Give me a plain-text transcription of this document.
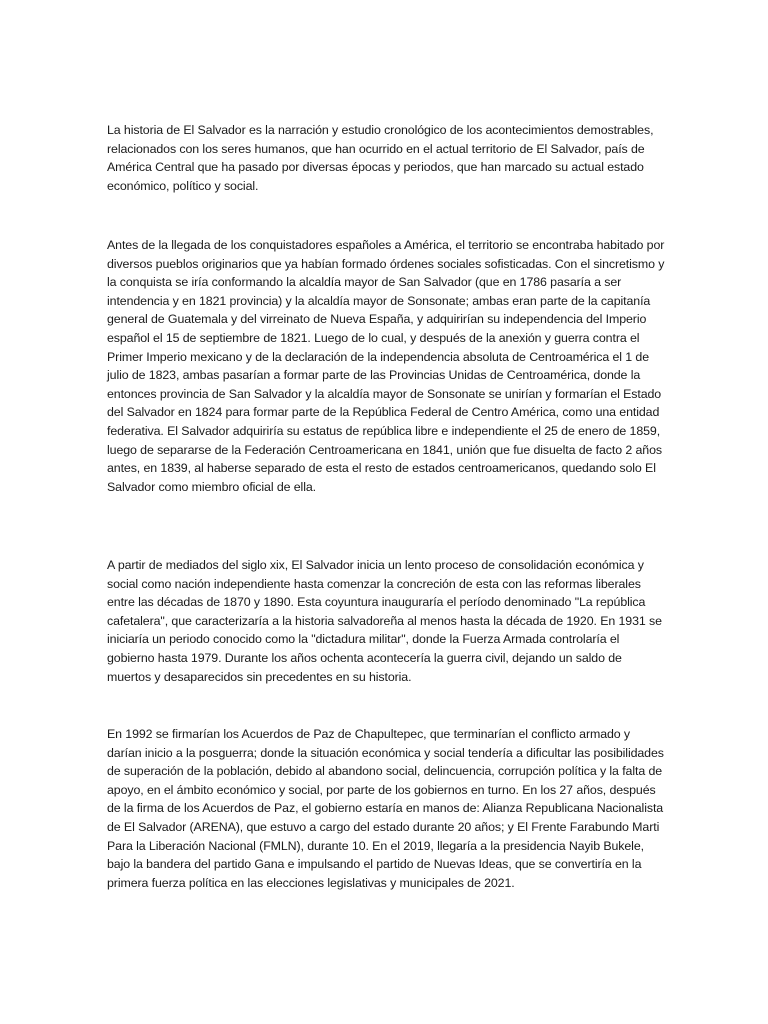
La historia de El Salvador es la narración y estudio cronológico de los acontecimientos demostrables, relacionados con los seres humanos, que han ocurrido en el actual territorio de El Salvador, país de América Central que ha pasado por diversas épocas y periodos, que han marcado su actual estado económico, político y social.

Antes de la llegada de los conquistadores españoles a América, el territorio se encontraba habitado por diversos pueblos originarios que ya habían formado órdenes sociales sofisticadas. Con el sincretismo y la conquista se iría conformando la alcaldía mayor de San Salvador (que en 1786 pasaría a ser intendencia y en 1821 provincia) y la alcaldía mayor de Sonsonate; ambas eran parte de la capitanía general de Guatemala y del virreinato de Nueva España, y adquirirían su independencia del Imperio español el 15 de septiembre de 1821. Luego de lo cual, y después de la anexión y guerra contra el Primer Imperio mexicano y de la declaración de la independencia absoluta de Centroamérica el 1 de julio de 1823, ambas pasarían a formar parte de las Provincias Unidas de Centroamérica, donde la entonces provincia de San Salvador y la alcaldía mayor de Sonsonate se unirían y formarían el Estado del Salvador en 1824 para formar parte de la República Federal de Centro América, como una entidad federativa. El Salvador adquiriría su estatus de república libre e independiente el 25 de enero de 1859, luego de separarse de la Federación Centroamericana en 1841, unión que fue disuelta de facto 2 años antes, en 1839, al haberse separado de esta el resto de estados centroamericanos, quedando solo El Salvador como miembro oficial de ella.

A partir de mediados del siglo xix, El Salvador inicia un lento proceso de consolidación económica y social como nación independiente hasta comenzar la concreción de esta con las reformas liberales entre las décadas de 1870 y 1890. Esta coyuntura inauguraría el período denominado "La república cafetalera", que caracterizaría a la historia salvadoreña al menos hasta la década de 1920. En 1931 se iniciaría un periodo conocido como la "dictadura militar", donde la Fuerza Armada controlaría el gobierno hasta 1979. Durante los años ochenta acontecería la guerra civil, dejando un saldo de muertos y desaparecidos sin precedentes en su historia.

En 1992 se firmarían los Acuerdos de Paz de Chapultepec, que terminarían el conflicto armado y darían inicio a la posguerra; donde la situación económica y social tendería a dificultar las posibilidades de superación de la población, debido al abandono social, delincuencia, corrupción política y la falta de apoyo, en el ámbito económico y social, por parte de los gobiernos en turno. En los 27 años, después de la firma de los Acuerdos de Paz, el gobierno estaría en manos de: Alianza Republicana Nacionalista de El Salvador (ARENA), que estuvo a cargo del estado durante 20 años; y El Frente Farabundo Marti Para la Liberación Nacional (FMLN), durante 10. En el 2019, llegaría a la presidencia Nayib Bukele, bajo la bandera del partido Gana e impulsando el partido de Nuevas Ideas, que se convertiría en la primera fuerza política en las elecciones legislativas y municipales de 2021.
